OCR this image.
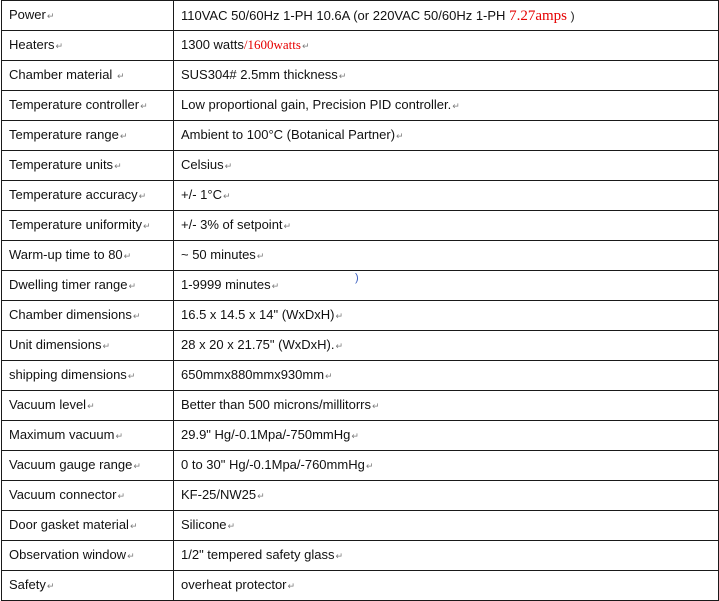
Power↵	110VAC 50/60Hz 1-PH 10.6A (or 220VAC 50/60Hz 1-PH 7.27amps )
Heaters↵	1300 watts/1600watts↵
Chamber material ↵	SUS304# 2.5mm thickness↵
Temperature controller↵	Low proportional gain, Precision PID controller.↵
Temperature range↵	Ambient to 100°C (Botanical Partner)↵
Temperature units↵	Celsius↵
Temperature accuracy↵	+/- 1°C↵
Temperature uniformity↵	+/- 3% of setpoint↵
Warm-up time to 80↵	~ 50 minutes↵
Dwelling timer range↵	1-9999 minutes↵
Chamber dimensions↵	16.5 x 14.5 x 14" (WxDxH)↵
Unit dimensions↵	28 x 20 x 21.75" (WxDxH).↵
shipping dimensions↵	650mmx880mmx930mm↵
Vacuum level↵	Better than 500 microns/millitorrs↵
Maximum vacuum↵	29.9" Hg/-0.1Mpa/-750mmHg↵
Vacuum gauge range↵	0 to 30" Hg/-0.1Mpa/-760mmHg↵
Vacuum connector↵	KF-25/NW25↵
Door gasket material↵	Silicone↵
Observation window↵	1/2" tempered safety glass↵
Safety↵	overheat protector↵
)
